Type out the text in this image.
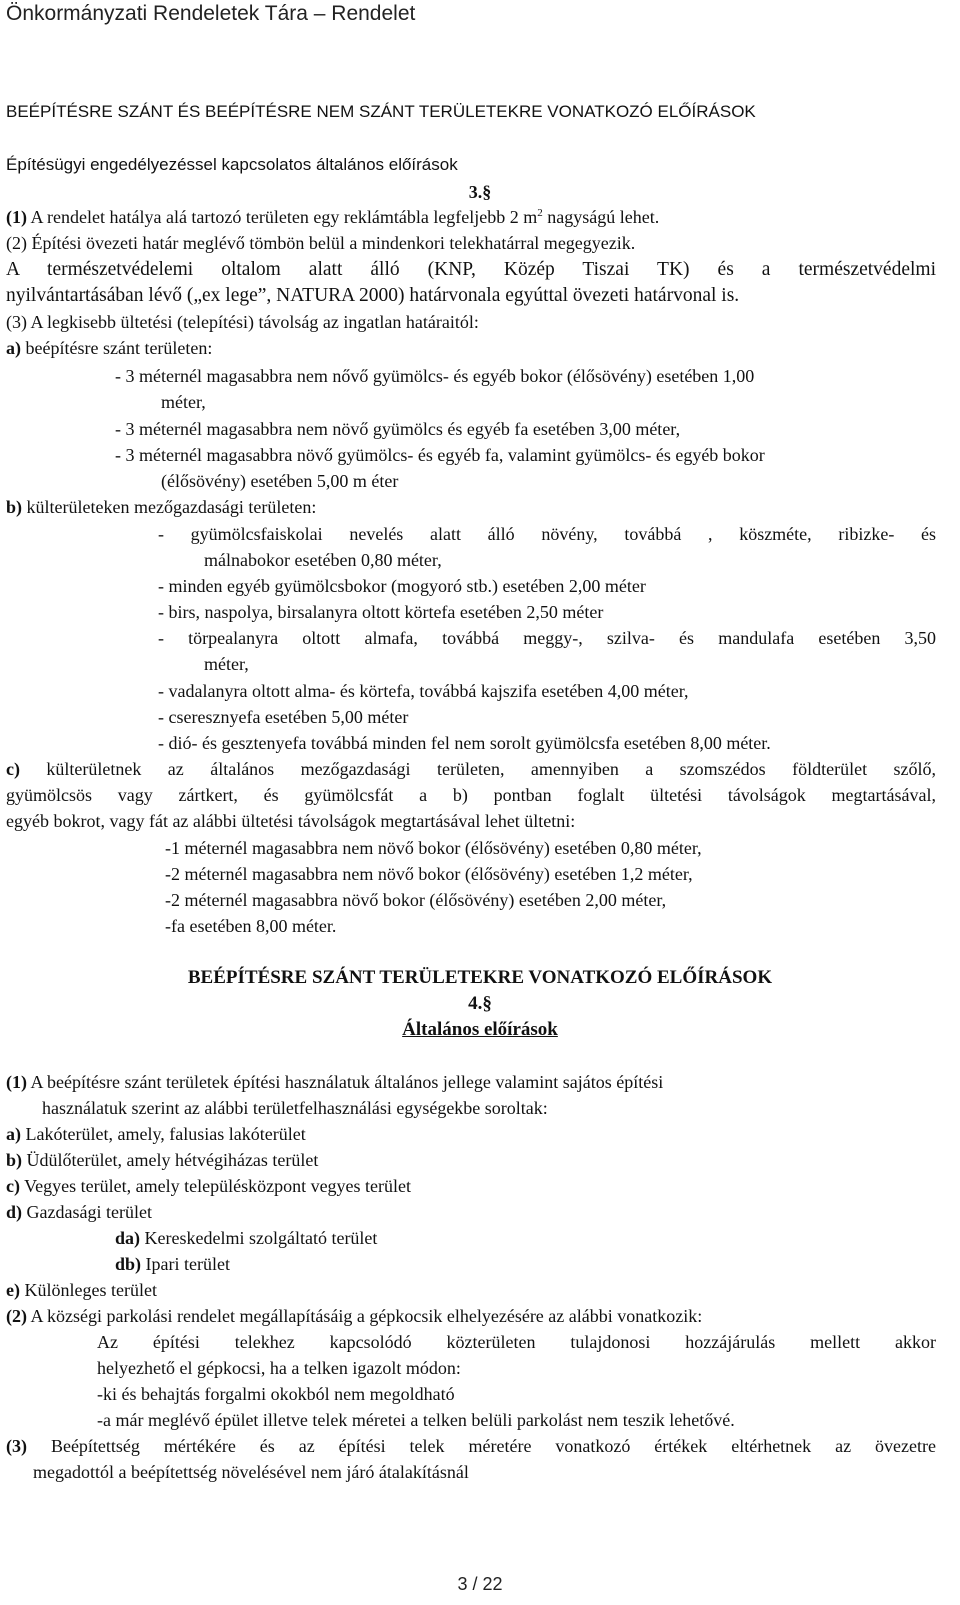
Önkormányzati Rendeletek Tára – Rendelet
BEÉPÍTÉSRE SZÁNT ÉS BEÉPÍTÉSRE NEM SZÁNT TERÜLETEKRE VONATKOZÓ ELŐÍRÁSOK
Építésügyi engedélyezéssel kapcsolatos általános előírások
3.§
(1) A rendelet hatálya alá tartozó területen egy reklámtábla legfeljebb 2 $m^2$ nagyságú lehet.
(2) Építési övezeti határ meglévő tömbön belül a mindenkori telekhatárral megegyezik.
A természetvédelemi oltalom alatt álló (KNP, Közép Tiszai TK) és a természetvédelmi
nyilvántartásában lévő („ex lege”, NATURA 2000) határvonala egyúttal övezeti határvonal is.
(3) A legkisebb ültetési (telepítési) távolság az ingatlan határaitól:
a) beépítésre szánt területen:
- 3 méternél magasabbra nem nővő gyümölcs- és egyéb bokor (élősövény) esetében 1,00
méter,
- 3 méternél magasabbra nem növő gyümölcs és egyéb fa esetében 3,00 méter,
- 3 méternél magasabbra növő gyümölcs- és egyéb fa, valamint gyümölcs- és egyéb bokor
(élősövény) esetében 5,00 m éter
b) külterületeken mezőgazdasági területen:
- gyümölcsfaiskolai nevelés alatt álló növény, továbbá , köszméte, ribizke- és
málnabokor esetében 0,80 méter,
- minden egyéb gyümölcsbokor (mogyoró stb.) esetében 2,00 méter
- birs, naspolya, birsalanyra oltott körtefa esetében 2,50 méter
- törpealanyra oltott almafa, továbbá meggy-, szilva- és mandulafa esetében 3,50
méter,
- vadalanyra oltott alma- és körtefa, továbbá kajszifa esetében 4,00 méter,
- cseresznyefa esetében 5,00 méter
- dió- és gesztenyefa továbbá minden fel nem sorolt gyümölcsfa esetében 8,00 méter.
c) külterületnek az általános mezőgazdasági területen, amennyiben a szomszédos földterület szőlő,
gyümölcsös vagy zártkert, és gyümölcsfát a b) pontban foglalt ültetési távolságok megtartásával,
egyéb bokrot, vagy fát az alábbi ültetési távolságok megtartásával lehet ültetni:
-1 méternél magasabbra nem növő bokor (élősövény) esetében 0,80 méter,
-2 méternél magasabbra nem növő bokor (élősövény) esetében 1,2 méter,
-2 méternél magasabbra növő bokor (élősövény) esetében 2,00 méter,
-fa esetében 8,00 méter.
BEÉPÍTÉSRE SZÁNT TERÜLETEKRE VONATKOZÓ ELŐÍRÁSOK
4.§
Általános előírások
(1) A beépítésre szánt területek építési használatuk általános jellege valamint sajátos építési
használatuk szerint az alábbi területfelhasználási egységekbe soroltak:
a) Lakóterület, amely, falusias lakóterület
b) Üdülőterület, amely hétvégiházas terület
c) Vegyes terület, amely településközpont vegyes terület
d) Gazdasági terület
da) Kereskedelmi szolgáltató terület
db) Ipari terület
e) Különleges terület
(2) A községi parkolási rendelet megállapításáig a gépkocsik elhelyezésére az alábbi vonatkozik:
Az építési telekhez kapcsolódó közterületen tulajdonosi hozzájárulás mellett akkor
helyezhető el gépkocsi, ha a telken igazolt módon:
-ki és behajtás forgalmi okokból nem megoldható
-a már meglévő épület illetve telek méretei a telken belüli parkolást nem teszik lehetővé.
(3) Beépítettség mértékére és az építési telek méretére vonatkozó értékek eltérhetnek az övezetre
megadottól a beépítettség növelésével nem járó átalakításnál
3 / 22
